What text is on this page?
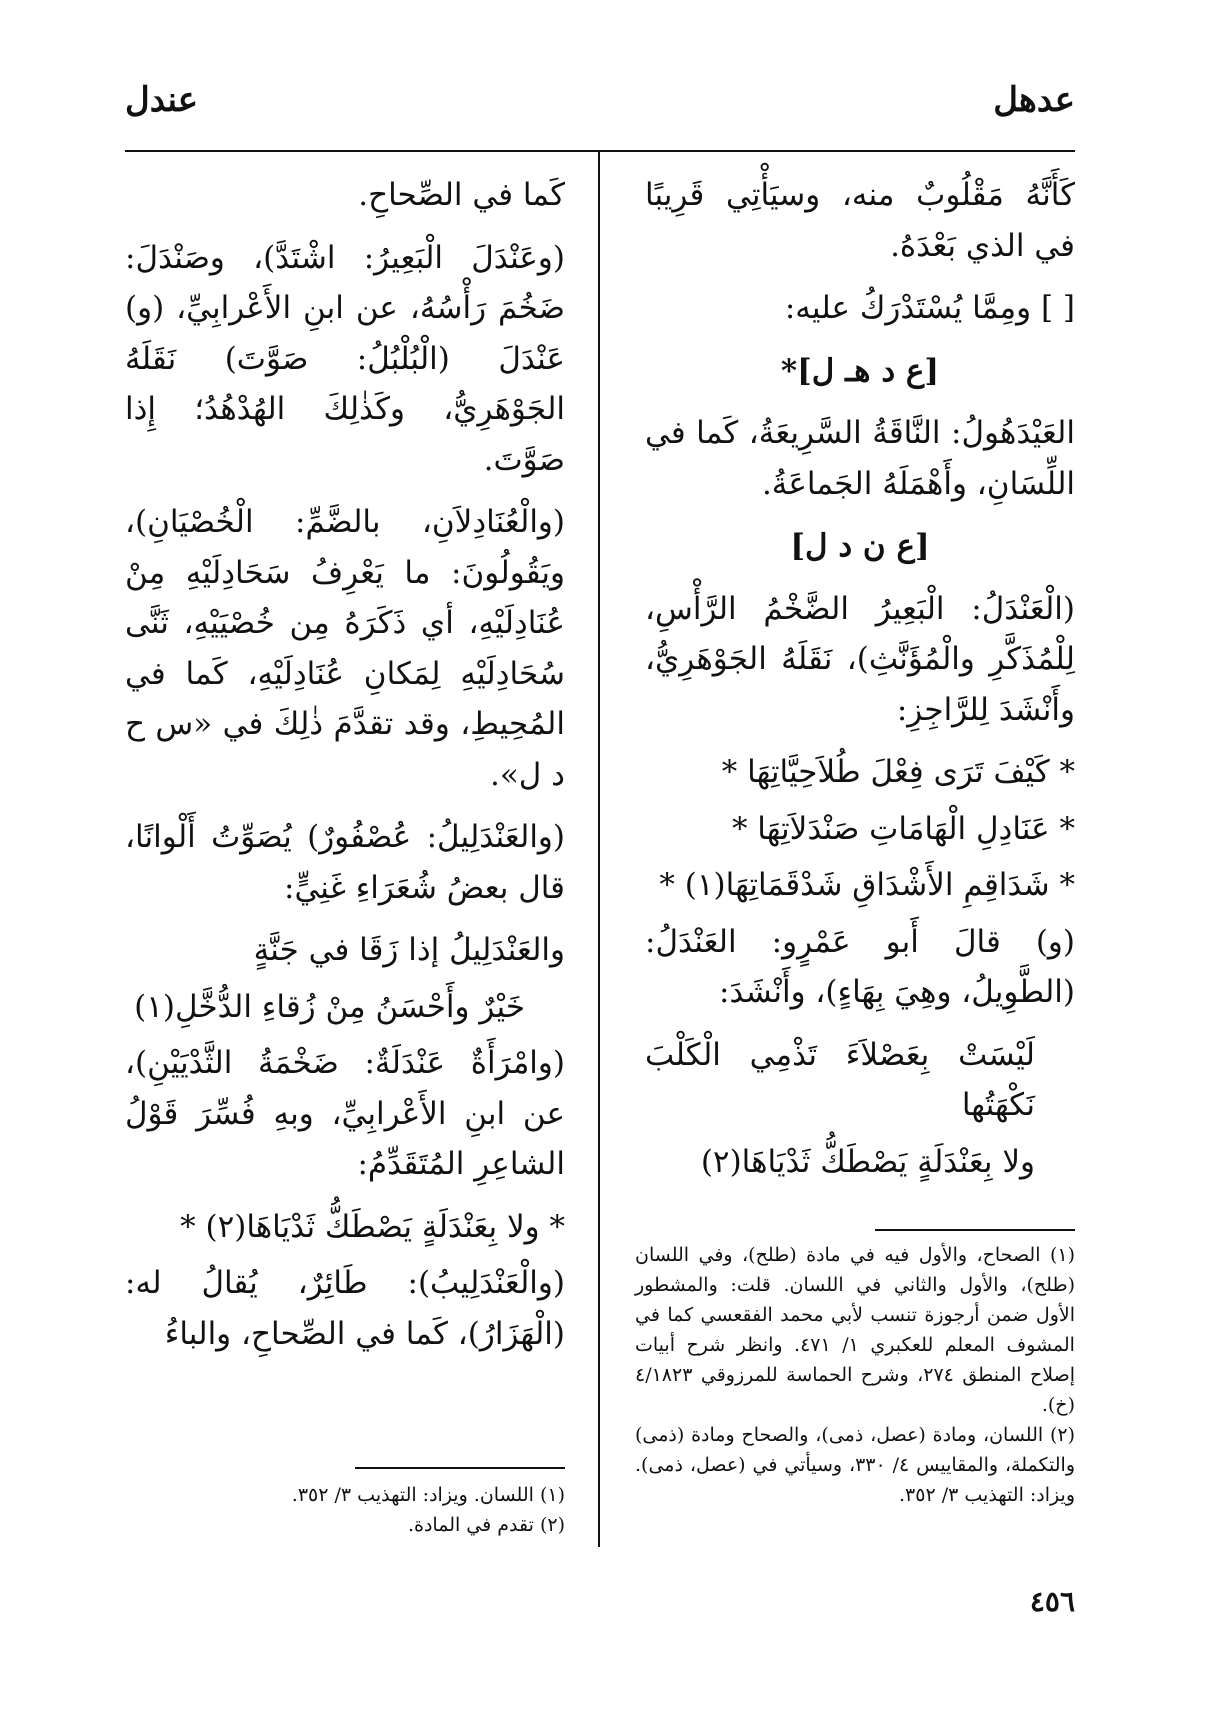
عدهل
عندل

كَأَنَّهُ مَقْلُوبٌ منه، وسيَأْتِي قَرِيبًا في الذي بَعْدَهُ.

[ ] ومِمَّا يُسْتَدْرَكُ عليه:

[ع د هـ ل]*

العَيْدَهُولُ: النَّاقَةُ السَّرِيعَةُ، كَما في اللِّسَانِ، وأَهْمَلَهُ الجَماعَةُ.

[ع ن د ل]

(الْعَنْدَلُ: الْبَعِيرُ الضَّخْمُ الرَّأْسِ، لِلْمُذَكَّرِ والْمُؤَنَّثِ)، نَقَلَهُ الجَوْهَرِيُّ، وأَنْشَدَ لِلرَّاجِزِ:

* كَيْفَ تَرَى فِعْلَ طُلاَحِيَّاتِهَا *

* عَنَادِلِ الْهَامَاتِ صَنْدَلاَتِهَا *

* شَدَاقِمِ الأَشْدَاقِ شَدْقَمَاتِهَا(١) *

(و) قالَ أَبو عَمْرٍو: العَنْدَلُ: (الطَّوِيلُ، وهِيَ بِهَاءٍ)، وأَنْشَدَ:

لَيْسَتْ بِعَصْلاَءَ تَذْمِي الْكَلْبَ نَكْهَتُها

ولا بِعَنْدَلَةٍ يَصْطَكُّ ثَدْيَاهَا(٢)

كَما في الصِّحاحِ.

(وعَنْدَلَ الْبَعِيرُ: اشْتَدَّ)، وصَنْدَلَ: ضَخُمَ رَأْسُهُ، عن ابنِ الأَعْرابِيِّ، (و) عَنْدَلَ (الْبُلْبُلُ: صَوَّتَ) نَقَلَهُ الجَوْهَرِيُّ، وكَذٰلِكَ الهُدْهُدُ؛ إِذا صَوَّتَ.

(والْعُنَادِلاَنِ، بالضَّمِّ: الْخُصْيَانِ)، ويَقُولُونَ: ما يَعْرِفُ سَحَادِلَيْهِ مِنْ عُنَادِلَيْهِ، أي ذَكَرَهُ مِن خُصْيَيْهِ، ثَنَّى سُحَادِلَيْهِ لِمَكانِ عُنَادِلَيْهِ، كَما في المُحِيطِ، وقد تقدَّمَ ذٰلِكَ في «س ح د ل».

(والعَنْدَلِيلُ: عُصْفُورٌ) يُصَوِّتُ أَلْوانًا، قال بعضُ شُعَرَاءِ غَنِيٍّ:

والعَنْدَلِيلُ إذا زَقَا في جَنَّةٍ

خَيْرٌ وأَحْسَنُ مِنْ زُقاءِ الدُّخَّلِ(١)

(وامْرَأَةٌ عَنْدَلَةٌ: ضَخْمَةُ الثَّدْيَيْنِ)، عن ابنِ الأَعْرابِيِّ، وبهِ فُسِّرَ قَوْلُ الشاعِرِ المُتَقَدِّمُ:

* ولا بِعَنْدَلَةٍ يَصْطَكُّ ثَدْيَاهَا(٢) *

(والْعَنْدَلِيبُ): طَائِرٌ، يُقالُ له: (الْهَزَارُ)، كَما في الصِّحاحِ، والباءُ

(١) الصحاح، والأول فيه في مادة (طلح)، وفي اللسان (طلح)، والأول والثاني في اللسان. قلت: والمشطور الأول ضمن أرجوزة تنسب لأبي محمد الفقعسي كما في المشوف المعلم للعكبري ١/ ٤٧١. وانظر شرح أبيات إصلاح المنطق ٢٧٤، وشرح الحماسة للمرزوقي ٤/١٨٢٣ (خ).

(٢) اللسان، ومادة (عصل، ذمى)، والصحاح ومادة (ذمى) والتكملة، والمقاييس ٤/ ٣٣٠، وسيأتي في (عصل، ذمى). ويزاد: التهذيب ٣/ ٣٥٢.

(١) اللسان. ويزاد: التهذيب ٣/ ٣٥٢.

(٢) تقدم في المادة.

٤٥٦
